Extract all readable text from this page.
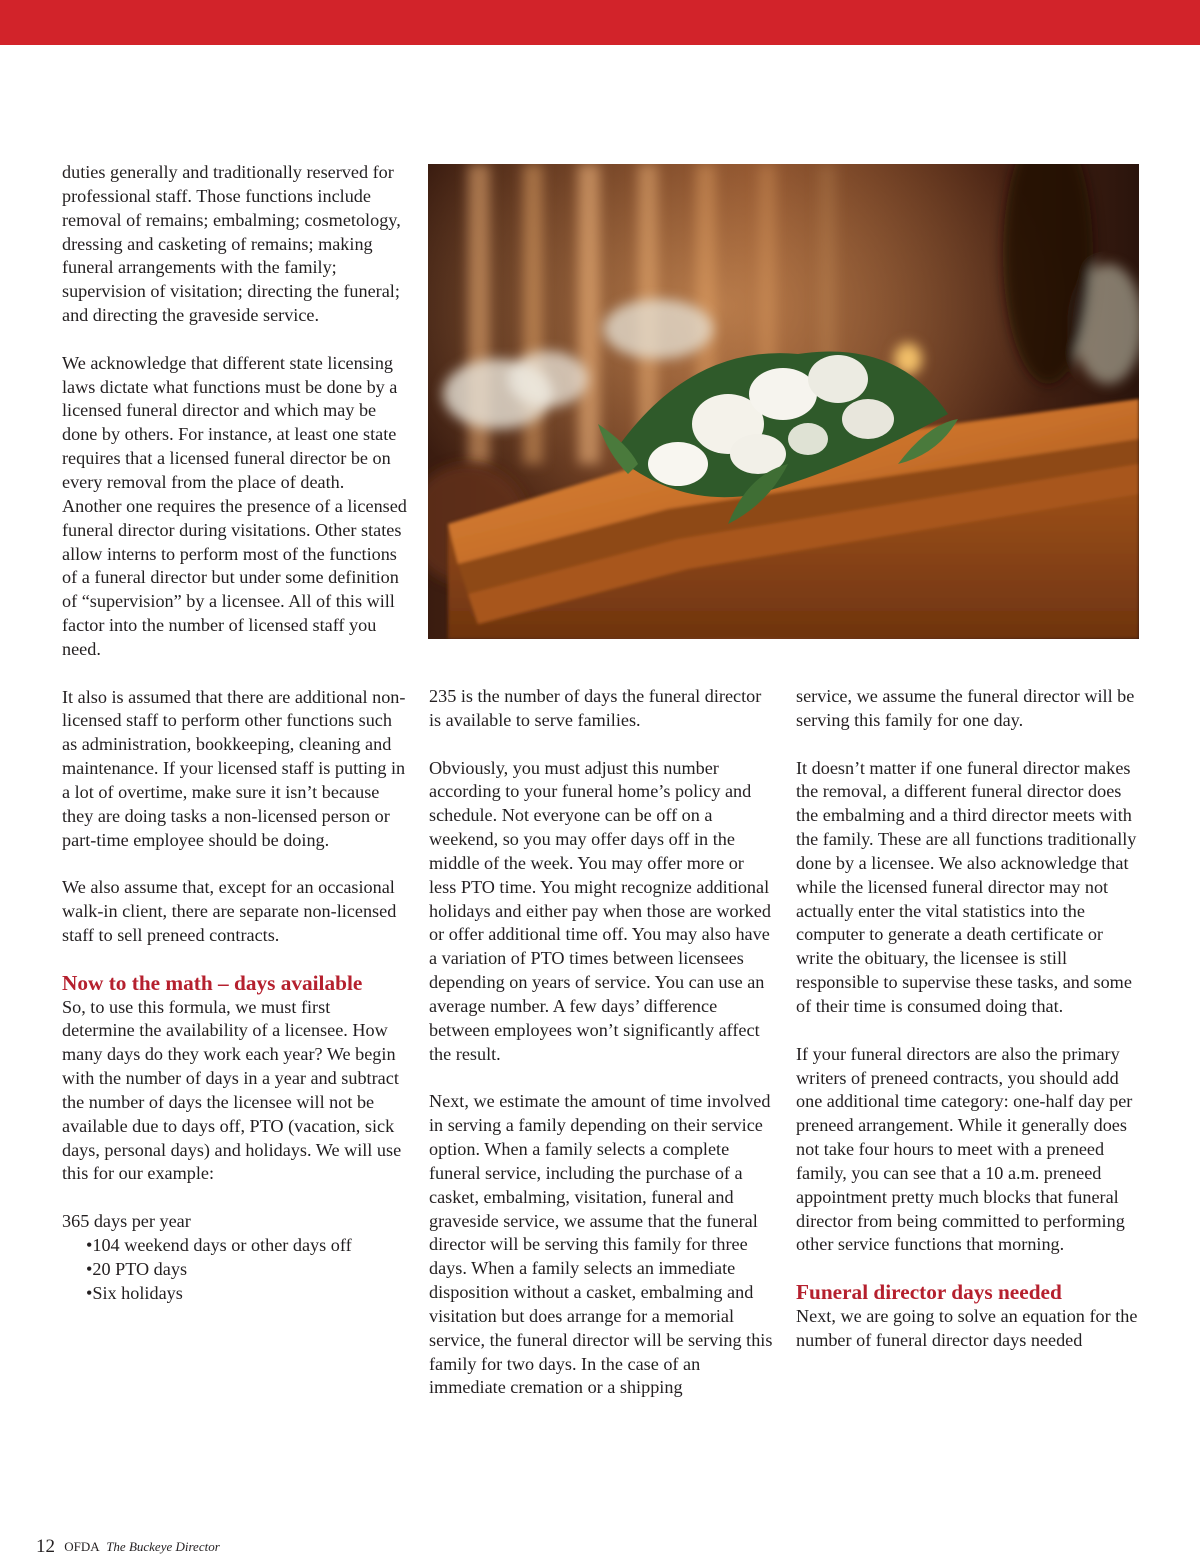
duties generally and traditionally reserved for professional staff. Those functions include removal of remains; embalming; cosmetology, dressing and casketing of remains; making funeral arrangements with the family; supervision of visitation; directing the funeral; and directing the graveside service.

We acknowledge that different state licensing laws dictate what functions must be done by a licensed funeral director and which may be done by others. For instance, at least one state requires that a licensed funeral director be on every removal from the place of death. Another one requires the presence of a licensed funeral director during visitations. Other states allow interns to perform most of the functions of a funeral director but under some definition of “supervision” by a licensee. All of this will factor into the number of licensed staff you need.

It also is assumed that there are additional non-licensed staff to perform other functions such as administration, bookkeeping, cleaning and maintenance. If your licensed staff is putting in a lot of overtime, make sure it isn’t because they are doing tasks a non-licensed person or part-time employee should be doing.

We also assume that, except for an occasional walk-in client, there are separate non-licensed staff to sell preneed contracts.

Now to the math – days available

So, to use this formula, we must first determine the availability of a licensee. How many days do they work each year? We begin with the number of days in a year and subtract the number of days the licensee will not be available due to days off, PTO (vacation, sick days, personal days) and holidays. We will use this for our example:

365 days per year

•104 weekend days or other days off
•20 PTO days
•Six holidays

235 is the number of days the funeral director is available to serve families.

Obviously, you must adjust this number according to your funeral home’s policy and schedule. Not everyone can be off on a weekend, so you may offer days off in the middle of the week. You may offer more or less PTO time. You might recognize additional holidays and either pay when those are worked or offer additional time off. You may also have a variation of PTO times between licensees depending on years of service. You can use an average number. A few days’ difference between employees won’t significantly affect the result.

Next, we estimate the amount of time involved in serving a family depending on their service option. When a family selects a complete funeral service, including the purchase of a casket, embalming, visitation, funeral and graveside service, we assume that the funeral director will be serving this family for three days. When a family selects an immediate disposition without a casket, embalming and visitation but does arrange for a memorial service, the funeral director will be serving this family for two days. In the case of an immediate cremation or a shipping

service, we assume the funeral director will be serving this family for one day.

It doesn’t matter if one funeral director makes the removal, a different funeral director does the embalming and a third director meets with the family. These are all functions traditionally done by a licensee. We also acknowledge that while the licensed funeral director may not actually enter the vital statistics into the computer to generate a death certificate or write the obituary, the licensee is still responsible to supervise these tasks, and some of their time is consumed doing that.

If your funeral directors are also the primary writers of preneed contracts, you should add one additional time category: one-half day per preneed arrangement. While it generally does not take four hours to meet with a preneed family, you can see that a 10 a.m. preneed appointment pretty much blocks that funeral director from being committed to performing other service functions that morning.

Funeral director days needed

Next, we are going to solve an equation for the number of funeral director days needed

12 OFDA The Buckeye Director
